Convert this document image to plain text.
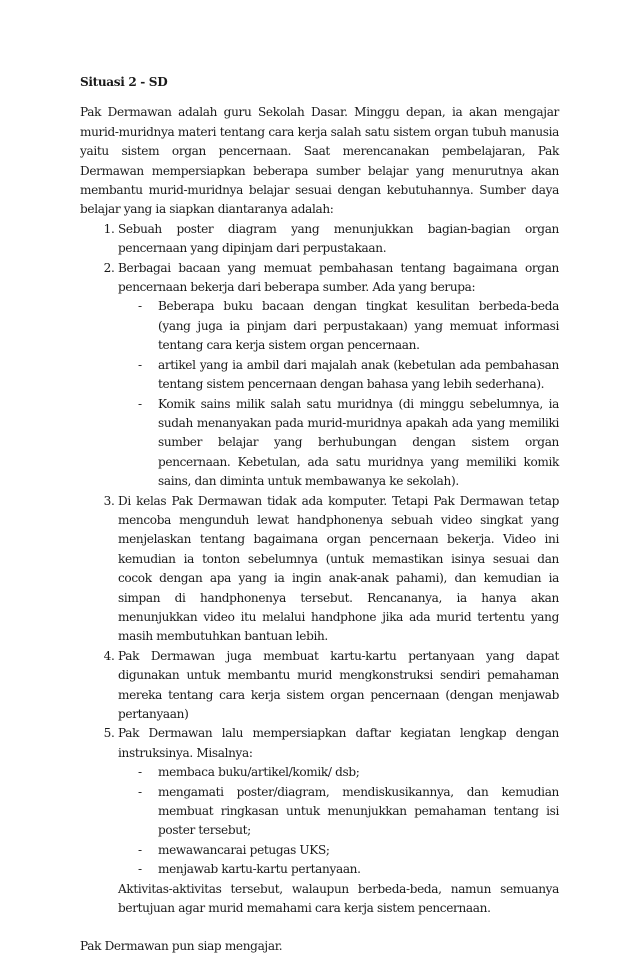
Situasi 2 - SD

Pak Dermawan adalah guru Sekolah Dasar. Minggu depan, ia akan mengajar murid-muridnya materi tentang cara kerja salah satu sistem organ tubuh manusia yaitu sistem organ pencernaan. Saat merencanakan pembelajaran, Pak Dermawan mempersiapkan beberapa sumber belajar yang menurutnya akan membantu murid-muridnya belajar sesuai dengan kebutuhannya. Sumber daya belajar yang ia siapkan diantaranya adalah:

1. Sebuah poster diagram yang menunjukkan bagian-bagian organ pencernaan yang dipinjam dari perpustakaan.
2. Berbagai bacaan yang memuat pembahasan tentang bagaimana organ pencernaan bekerja dari beberapa sumber. Ada yang berupa:
- Beberapa buku bacaan dengan tingkat kesulitan berbeda-beda (yang juga ia pinjam dari perpustakaan) yang memuat informasi tentang cara kerja sistem organ pencernaan.
- artikel yang ia ambil dari majalah anak (kebetulan ada pembahasan tentang sistem pencernaan dengan bahasa yang lebih sederhana).
- Komik sains milik salah satu muridnya (di minggu sebelumnya, ia sudah menanyakan pada murid-muridnya apakah ada yang memiliki sumber belajar yang berhubungan dengan sistem organ pencernaan. Kebetulan, ada satu muridnya yang memiliki komik sains, dan diminta untuk membawanya ke sekolah).
3. Di kelas Pak Dermawan tidak ada komputer. Tetapi Pak Dermawan tetap mencoba mengunduh lewat handphonenya sebuah video singkat yang menjelaskan tentang bagaimana organ pencernaan bekerja. Video ini kemudian ia tonton sebelumnya (untuk memastikan isinya sesuai dan cocok dengan apa yang ia ingin anak-anak pahami), dan kemudian ia simpan di handphonenya tersebut. Rencananya, ia hanya akan menunjukkan video itu melalui handphone jika ada murid tertentu yang masih membutuhkan bantuan lebih.
4. Pak Dermawan juga membuat kartu-kartu pertanyaan yang dapat digunakan untuk membantu murid mengkonstruksi sendiri pemahaman mereka tentang cara kerja sistem organ pencernaan (dengan menjawab pertanyaan)
5. Pak Dermawan lalu mempersiapkan daftar kegiatan lengkap dengan instruksinya. Misalnya:
- membaca buku/artikel/komik/ dsb;
- mengamati poster/diagram, mendiskusikannya, dan kemudian membuat ringkasan untuk menunjukkan pemahaman tentang isi poster tersebut;
- mewawancarai petugas UKS;
- menjawab kartu-kartu pertanyaan.
Aktivitas-aktivitas tersebut, walaupun berbeda-beda, namun semuanya bertujuan agar murid memahami cara kerja sistem pencernaan.

Pak Dermawan pun siap mengajar.
